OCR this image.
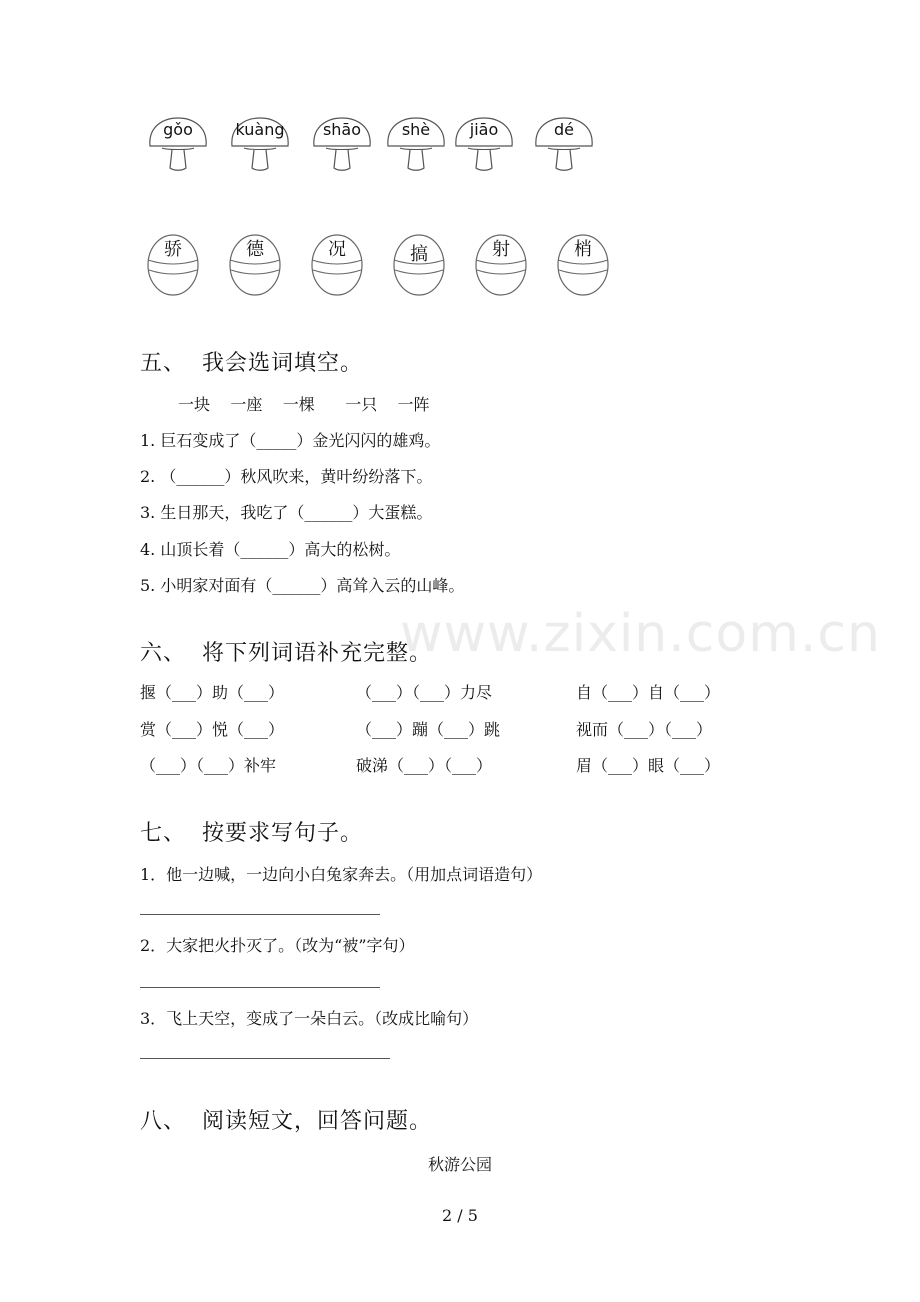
gǒo	kuàng	shāo	shè	jiāo	dé
骄	德	况	搞	射	梢
五、 我会选词填空。
一块    一座    一棵      一只    一阵
1. 巨石变成了（_____）金光闪闪的雄鸡。
2. （______）秋风吹来，黄叶纷纷落下。
3. 生日那天，我吃了（______）大蛋糕。
4. 山顶长着（______）高大的松树。
5. 小明家对面有（______）高耸入云的山峰。
www.zixin.com.cn
六、 将下列词语补充完整。
揠（___）助（___）	（___）（___）力尽	自（___）自（___）
赏（___）悦（___）	（___）蹦（___）跳	视而（___）（___）
（___）（___）补牢	破涕（___）（___）	眉（___）眼（___）
七、 按要求写句子。
1．他一边喊，一边向小白兔家奔去。（用加点词语造句）
2．大家把火扑灭了。（改为“被”字句）
3．飞上天空，变成了一朵白云。（改成比喻句）
八、 阅读短文，回答问题。
秋游公园
2 / 5
